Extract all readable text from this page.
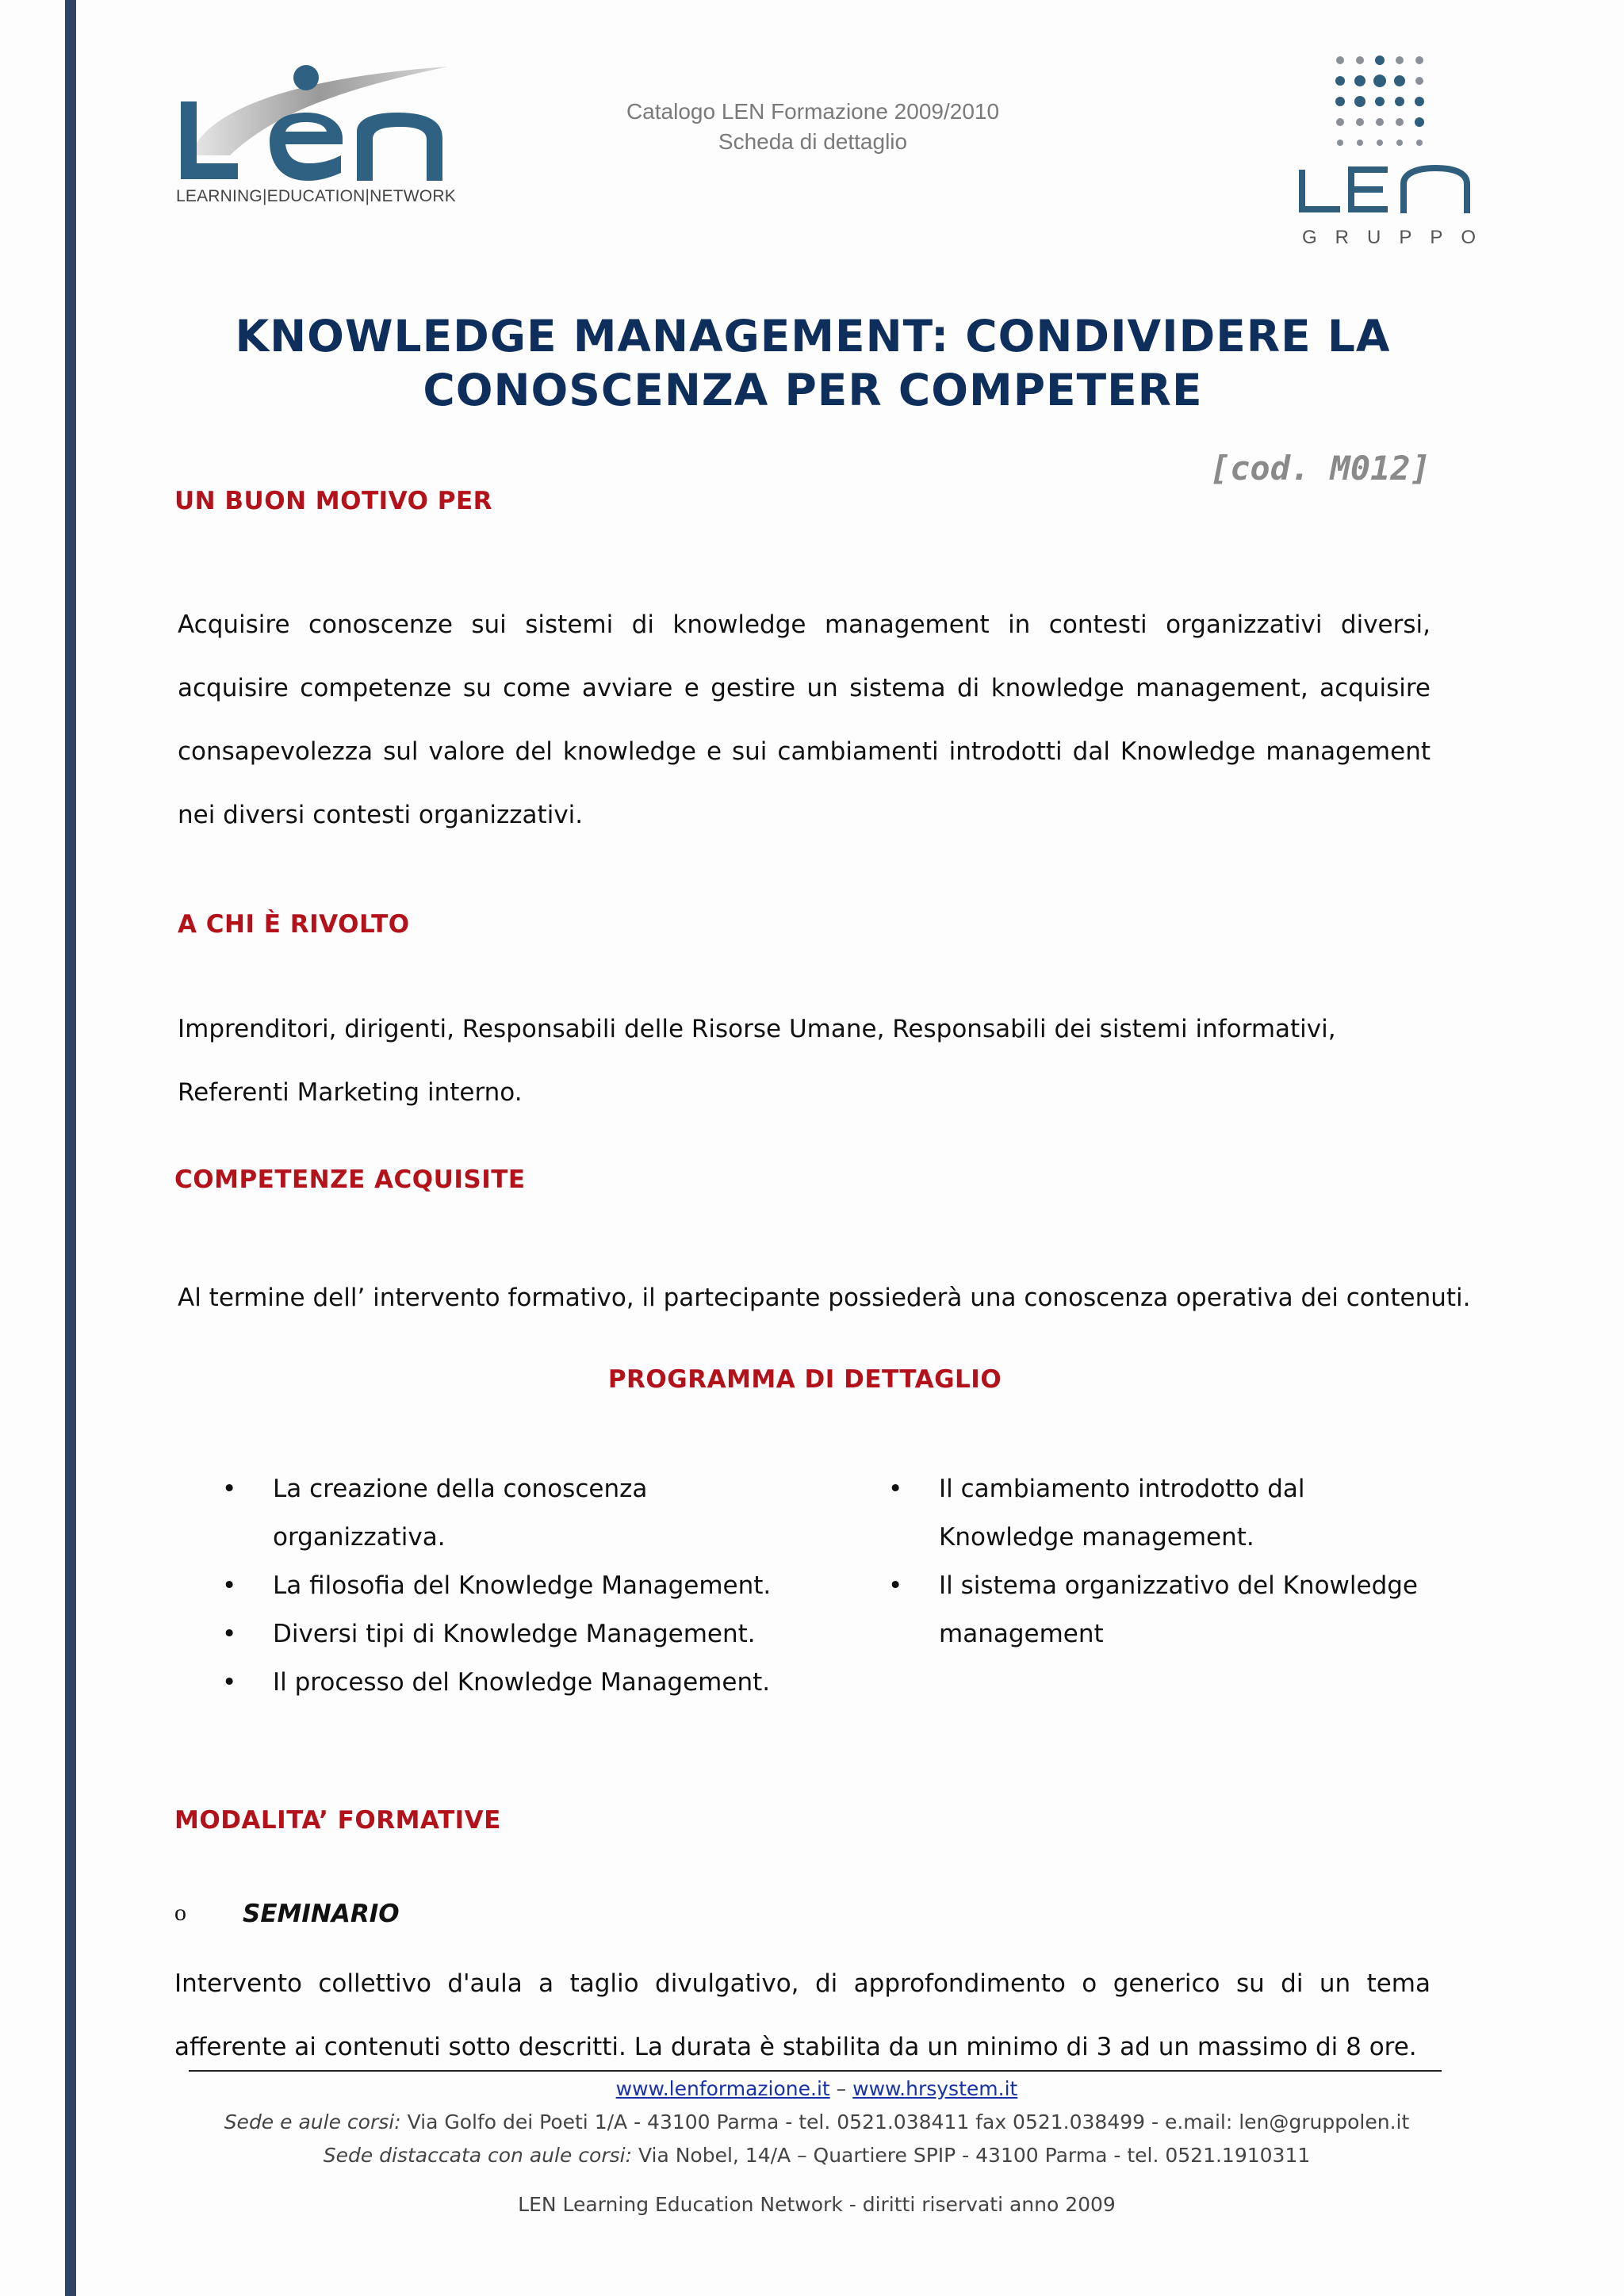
LEARNING|EDUCATION|NETWORK
Catalogo LEN Formazione 2009/2010
Scheda di dettaglio
GRUPPO
KNOWLEDGE MANAGEMENT: CONDIVIDERE LA
CONOSCENZA PER COMPETERE
[cod. M012]
UN BUON MOTIVO PER
Acquisire conoscenze sui sistemi di knowledge management in contesti organizzativi diversi, acquisire competenze su come avviare e gestire un sistema di knowledge management, acquisire consapevolezza sul valore del knowledge e sui cambiamenti introdotti dal Knowledge management nei diversi contesti organizzativi.
A CHI È RIVOLTO
Imprenditori, dirigenti, Responsabili delle Risorse Umane, Responsabili dei sistemi informativi, Referenti Marketing interno.
COMPETENZE ACQUISITE
Al termine dell’ intervento formativo, il partecipante possiederà una conoscenza operativa dei contenuti.
PROGRAMMA DI DETTAGLIO
• La creazione della conoscenza organizzativa.
• La filosofia del Knowledge Management.
• Diversi tipi di Knowledge Management.
• Il processo del Knowledge Management.
• Il cambiamento introdotto dal Knowledge management.
• Il sistema organizzativo del Knowledge management
MODALITA’ FORMATIVE
o SEMINARIO
Intervento collettivo d'aula a taglio divulgativo, di approfondimento o generico su di un tema afferente ai contenuti sotto descritti. La durata è stabilita da un minimo di 3 ad un massimo di 8 ore.
www.lenformazione.it – www.hrsystem.it
Sede e aule corsi: Via Golfo dei Poeti 1/A - 43100 Parma - tel. 0521.038411 fax 0521.038499 - e.mail: len@gruppolen.it
Sede distaccata con aule corsi: Via Nobel, 14/A – Quartiere SPIP - 43100 Parma - tel. 0521.1910311
LEN Learning Education Network - diritti riservati anno 2009
